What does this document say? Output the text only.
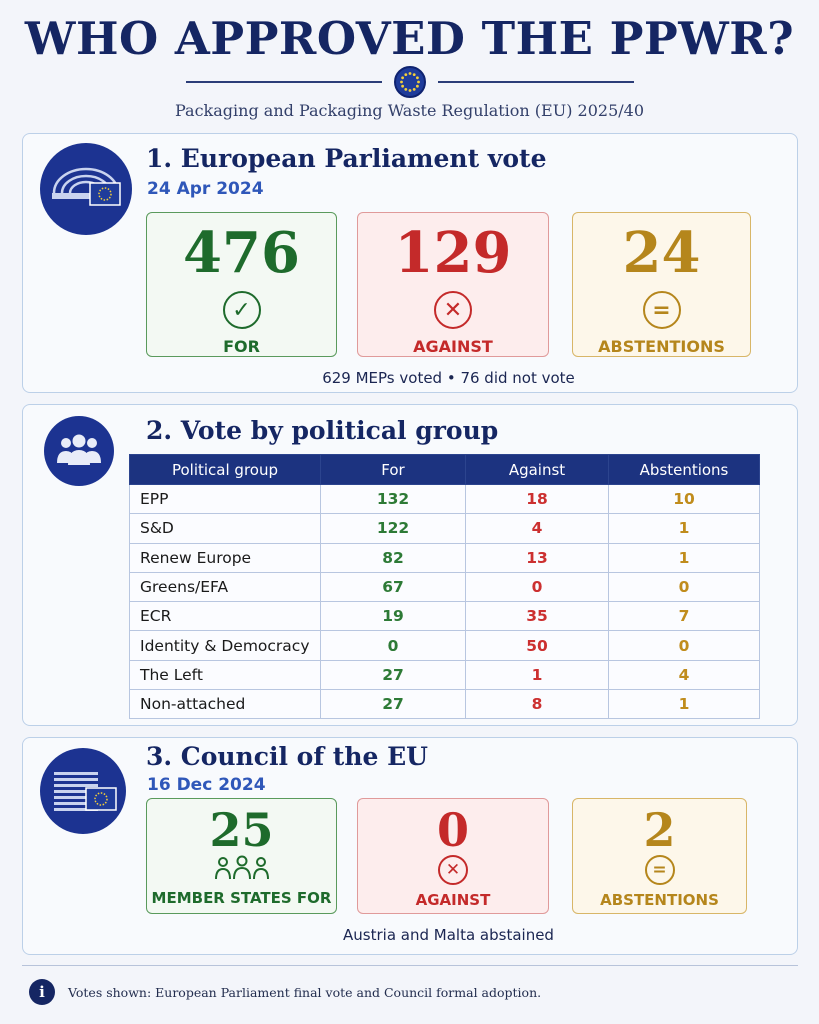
WHO APPROVED THE PPWR?
Packaging and Packaging Waste Regulation (EU) 2025/40
1. European Parliament vote
24 Apr 2024
476
✓
FOR
129
✕
AGAINST
24
=
ABSTENTIONS
629 MEPs voted • 76 did not vote
2. Vote by political group
Political group	For	Against	Abstentions
EPP	132	18	10
S&D	122	4	1
Renew Europe	82	13	1
Greens/EFA	67	0	0
ECR	19	35	7
Identity & Democracy	0	50	0
The Left	27	1	4
Non-attached	27	8	1
3. Council of the EU
16 Dec 2024
25
MEMBER STATES FOR
0
✕
AGAINST
2
=
ABSTENTIONS
Austria and Malta abstained
i	Votes shown: European Parliament final vote and Council formal adoption.
